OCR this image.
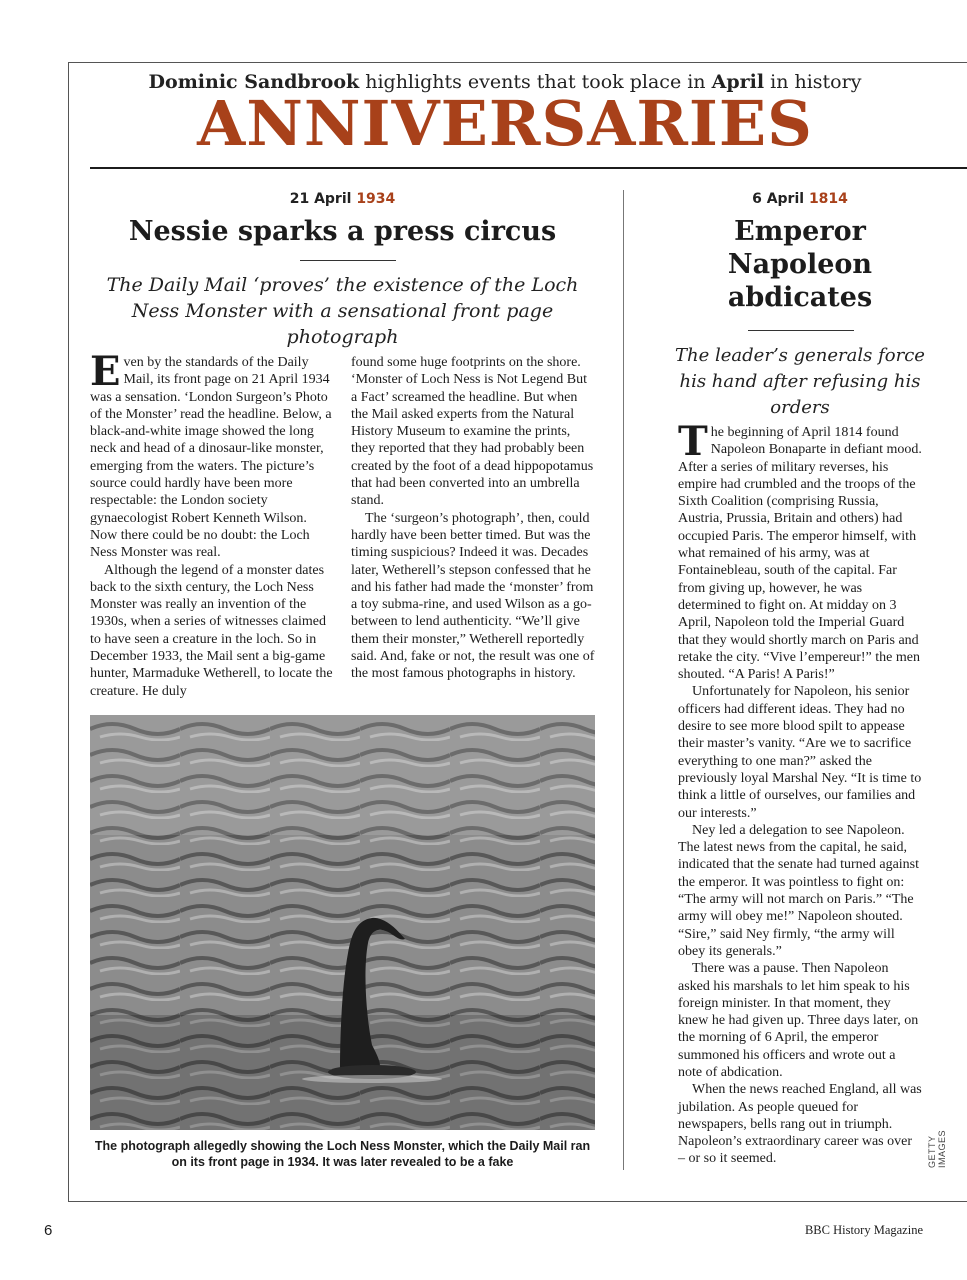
Dominic Sandbrook highlights events that took place in April in history
ANNIVERSARIES
21 April 1934
Nessie sparks a press circus
The Daily Mail ‘proves’ the existence of the Loch Ness Monster with a sensational front page photograph

Even by the standards of the Daily Mail, its front page on 21 April 1934 was a sensation. ‘London Surgeon’s Photo of the Monster’ read the headline. Below, a black-and-white image showed the long neck and head of a dinosaur-like monster, emerging from the waters. The picture’s source could hardly have been more respectable: the London society gynaecologist Robert Kenneth Wilson. Now there could be no doubt: the Loch Ness Monster was real.

Although the legend of a monster dates back to the sixth century, the Loch Ness Monster was really an invention of the 1930s, when a series of witnesses claimed to have seen a creature in the loch. So in December 1933, the Mail sent a big-game hunter, Marmaduke Wetherell, to locate the creature. He duly

found some huge footprints on the shore. ‘Monster of Loch Ness is Not Legend But a Fact’ screamed the headline. But when the Mail asked experts from the Natural History Museum to examine the prints, they reported that they had probably been created by the foot of a dead hippopotamus that had been converted into an umbrella stand.

The ‘surgeon’s photograph’, then, could hardly have been better timed. But was the timing suspicious? Indeed it was. Decades later, Wetherell’s stepson confessed that he and his father had made the ‘monster’ from a toy subma-rine, and used Wilson as a go-between to lend authenticity. “We’ll give them their monster,” Wetherell reportedly said. And, fake or not, the result was one of the most famous photographs in history.

The photograph allegedly showing the Loch Ness Monster, which the Daily Mail ran on its front page in 1934. It was later revealed to be a fake
6 April 1814
Emperor
Napoleon
abdicates
The leader’s generals force his hand after refusing his orders

The beginning of April 1814 found Napoleon Bonaparte in defiant mood. After a series of military reverses, his empire had crumbled and the troops of the Sixth Coalition (comprising Russia, Austria, Prussia, Britain and others) had occupied Paris. The emperor himself, with what remained of his army, was at Fontainebleau, south of the capital. Far from giving up, however, he was determined to fight on. At midday on 3 April, Napoleon told the Imperial Guard that they would shortly march on Paris and retake the city. “Vive l’empereur!” the men shouted. “A Paris! A Paris!”

Unfortunately for Napoleon, his senior officers had different ideas. They had no desire to see more blood spilt to appease their master’s vanity. “Are we to sacrifice everything to one man?” asked the previously loyal Marshal Ney. “It is time to think a little of ourselves, our families and our interests.”

Ney led a delegation to see Napoleon. The latest news from the capital, he said, indicated that the senate had turned against the emperor. It was pointless to fight on: “The army will not march on Paris.” “The army will obey me!” Napoleon shouted. “Sire,” said Ney firmly, “the army will obey its generals.”

There was a pause. Then Napoleon asked his marshals to let him speak to his foreign minister. In that moment, they knew he had given up. Three days later, on the morning of 6 April, the emperor summoned his officers and wrote out a note of abdication.

When the news reached England, all was jubilation. As people queued for newspapers, bells rang out in triumph. Napoleon’s extraordinary career was over – or so it seemed.	GETTY IMAGES
6	BBC History Magazine
